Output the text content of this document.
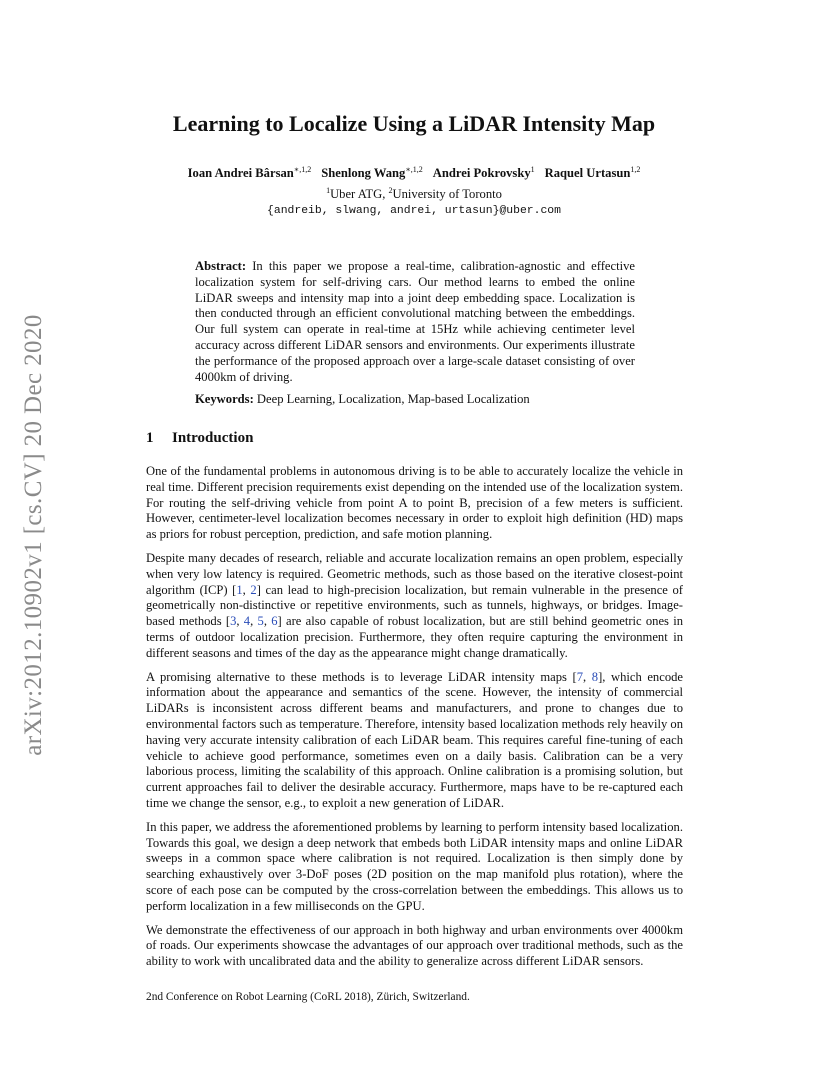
arXiv:2012.10902v1 [cs.CV] 20 Dec 2020
Learning to Localize Using a LiDAR Intensity Map
Ioan Andrei Bârsan$^{∗,1,2}$ Shenlong Wang$^{∗,1,2}$ Andrei Pokrovsky$^1$ Raquel Urtasun$^{1,2}$
$^1$Uber ATG, $^2$University of Toronto
{andreib, slwang, andrei, urtasun}@uber.com

Abstract: In this paper we propose a real-time, calibration-agnostic and effective localization system for self-driving cars. Our method learns to embed the online LiDAR sweeps and intensity map into a joint deep embedding space. Localization is then conducted through an efficient convolutional matching between the embeddings. Our full system can operate in real-time at 15Hz while achieving centimeter level accuracy across different LiDAR sensors and environments. Our experiments illustrate the performance of the proposed approach over a large-scale dataset consisting of over 4000km of driving.

Keywords: Deep Learning, Localization, Map-based Localization

1 Introduction

One of the fundamental problems in autonomous driving is to be able to accurately localize the vehicle in real time. Different precision requirements exist depending on the intended use of the localization system. For routing the self-driving vehicle from point A to point B, precision of a few meters is sufficient. However, centimeter-level localization becomes necessary in order to exploit high definition (HD) maps as priors for robust perception, prediction, and safe motion planning.

Despite many decades of research, reliable and accurate localization remains an open problem, especially when very low latency is required. Geometric methods, such as those based on the iterative closest-point algorithm (ICP) [1, 2] can lead to high-precision localization, but remain vulnerable in the presence of geometrically non-distinctive or repetitive environments, such as tunnels, highways, or bridges. Image-based methods [3, 4, 5, 6] are also capable of robust localization, but are still behind geometric ones in terms of outdoor localization precision. Furthermore, they often require capturing the environment in different seasons and times of the day as the appearance might change dramatically.

A promising alternative to these methods is to leverage LiDAR intensity maps [7, 8], which encode information about the appearance and semantics of the scene. However, the intensity of commercial LiDARs is inconsistent across different beams and manufacturers, and prone to changes due to environmental factors such as temperature. Therefore, intensity based localization methods rely heavily on having very accurate intensity calibration of each LiDAR beam. This requires careful fine-tuning of each vehicle to achieve good performance, sometimes even on a daily basis. Calibration can be a very laborious process, limiting the scalability of this approach. Online calibration is a promising solution, but current approaches fail to deliver the desirable accuracy. Furthermore, maps have to be re-captured each time we change the sensor, e.g., to exploit a new generation of LiDAR.

In this paper, we address the aforementioned problems by learning to perform intensity based localization. Towards this goal, we design a deep network that embeds both LiDAR intensity maps and online LiDAR sweeps in a common space where calibration is not required. Localization is then simply done by searching exhaustively over 3-DoF poses (2D position on the map manifold plus rotation), where the score of each pose can be computed by the cross-correlation between the embeddings. This allows us to perform localization in a few milliseconds on the GPU.

We demonstrate the effectiveness of our approach in both highway and urban environments over 4000km of roads. Our experiments showcase the advantages of our approach over traditional methods, such as the ability to work with uncalibrated data and the ability to generalize across different LiDAR sensors.

2nd Conference on Robot Learning (CoRL 2018), Zürich, Switzerland.
